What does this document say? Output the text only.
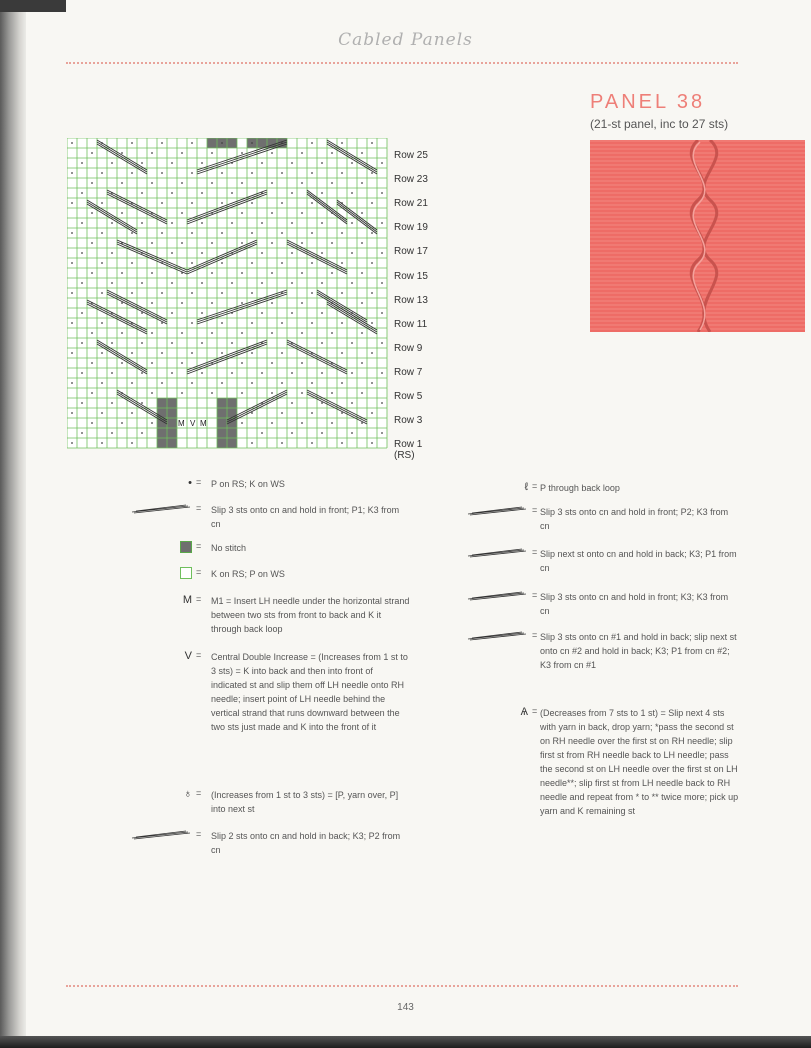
Cabled Panels
PANEL 38
(21-st panel, inc to 27 sts)
M V M
Row 25
Row 23
Row 21
Row 19
Row 17
Row 15
Row 13
Row 11
Row 9
Row 7
Row 5
Row 3
Row 1
(RS)
• = P on RS; K on WS
= Slip 3 sts onto cn and hold in front; P1; K3 from cn
= No stitch
= K on RS; P on WS
M = M1 = Insert LH needle under the horizontal strand between two sts from front to back and K it through back loop
V = Central Double Increase = (Increases from 1 st to 3 sts) = K into back and then into front of indicated st and slip them off LH needle onto RH needle; insert point of LH needle behind the vertical strand that runs downward between the two sts just made and K into the front of it
♁ = (Increases from 1 st to 3 sts) = [P, yarn over, P] into next st
= Slip 2 sts onto cn and hold in back; K3; P2 from cn
ℓ = P through back loop
= Slip 3 sts onto cn and hold in front; P2; K3 from cn
= Slip next st onto cn and hold in back; K3; P1 from cn
= Slip 3 sts onto cn and hold in front; K3; K3 from cn
= Slip 3 sts onto cn #1 and hold in back; slip next st onto cn #2 and hold in back; K3; P1 from cn #2; K3 from cn #1
Ѧ = (Decreases from 7 sts to 1 st) = Slip next 4 sts with yarn in back, drop yarn; *pass the second st on RH needle over the first st on RH needle; slip first st from RH needle back to LH needle; pass the second st on LH needle over the first st on LH needle**; slip first st from LH needle back to RH needle and repeat from * to ** twice more; pick up yarn and K remaining st
143
